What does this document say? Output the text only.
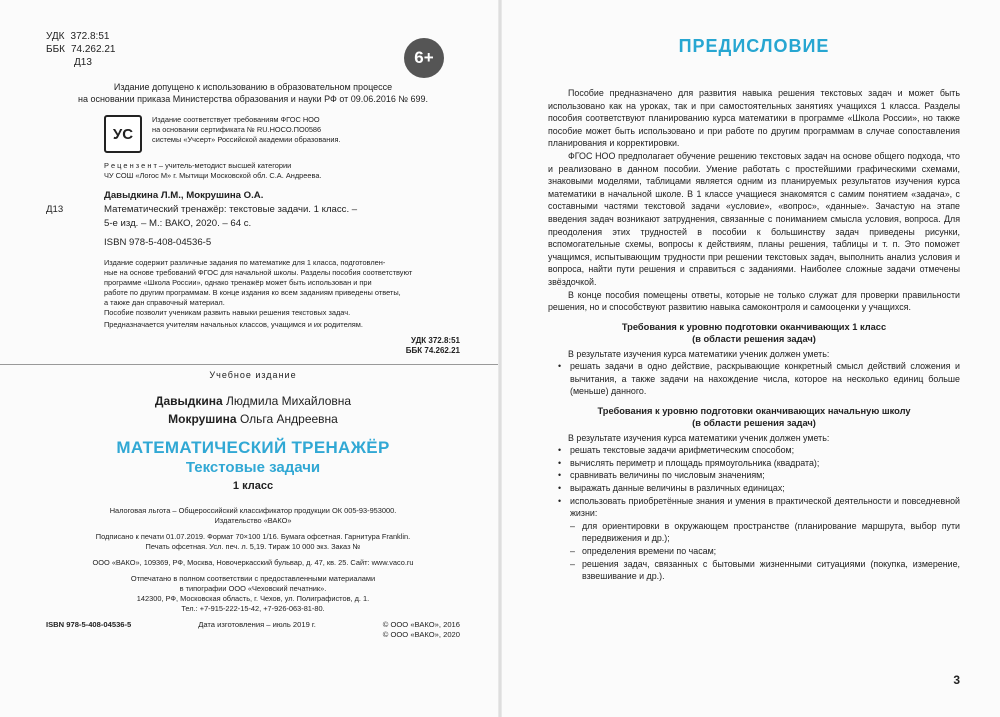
УДК 372.8:51
ББК 74.262.21
Д13	6+
Издание допущено к использованию в образовательном процессе
на основании приказа Министерства образования и науки РФ от 09.06.2016 № 699.
УС
Издание соответствует требованиям ФГОС НОО
на основании сертификата № RU.НОСО.ПО0586
системы «Учсерт» Российской академии образования.
Р е ц е н з е н т – учитель-методист высшей категории
ЧУ СОШ «Логос М» г. Мытищи Московской обл. С.А. Андреева.
Д13
Давыдкина Л.М., Мокрушина О.А.
Математический тренажёр: текстовые задачи. 1 класс. –
5-е изд. – М.: ВАКО, 2020. – 64 с.
ISBN 978-5-408-04536-5
Издание содержит различные задания по математике для 1 класса, подготовлен-
ные на основе требований ФГОС для начальной школы. Разделы пособия соответствуют
программе «Школа России», однако тренажёр может быть использован и при
работе по другим программам. В конце издания ко всем заданиям приведены ответы,
а также дан справочный материал.
Пособие позволит ученикам развить навыки решения текстовых задач.
Предназначается учителям начальных классов, учащимся и их родителям.
УДК 372.8:51
ББК 74.262.21
Учебное издание
Давыдкина Людмила Михайловна
Мокрушина Ольга Андреевна
МАТЕМАТИЧЕСКИЙ ТРЕНАЖЁР
Текстовые задачи
1 класс

Налоговая льгота – Общероссийский классификатор продукции ОК 005-93-953000.
Издательство «ВАКО»

Подписано к печати 01.07.2019. Формат 70×100 1/16. Бумага офсетная. Гарнитура Franklin.
Печать офсетная. Усл. печ. л. 5,19. Тираж 10 000 экз. Заказ №

ООО «ВАКО», 109369, РФ, Москва, Новочеркасский бульвар, д. 47, кв. 25. Сайт: www.vaco.ru

Отпечатано в полном соответствии с предоставленными материалами
в типографии ООО «Чеховский печатник».
142300, РФ, Московская область, г. Чехов, ул. Полиграфистов, д. 1.
Тел.: +7-915-222-15-42, +7-926-063-81-80.

ISBN 978-5-408-04536-5	Дата изготовления – июль 2019 г.	© ООО «ВАКО», 2016
© ООО «ВАКО», 2020
ПРЕДИСЛОВИЕ

Пособие предназначено для развития навыка решения текстовых задач и может быть использовано как на уроках, так и при самостоятельных занятиях учащихся 1 класса. Разделы пособия соответствуют планированию курса математики в программе «Школа России», но также пособие может быть использовано и при работе по другим программам в случае сопоставления планирования и корректировки.

ФГОС НОО предполагает обучение решению текстовых задач на основе общего подхода, что и реализовано в данном пособии. Умение работать с простейшими графическими схемами, знаковыми моделями, таблицами является одним из планируемых результатов изучения курса математики в начальной школе. В 1 классе учащиеся знакомятся с самим понятием «задача», с составными частями текстовой задачи «условие», «вопрос», «данные». Зачастую на этапе введения задач возникают затруднения, связанные с пониманием смысла условия, вопроса. Для преодоления этих трудностей в пособии к большинству задач приведены рисунки, вспомогательные схемы, вопросы к действиям, планы решения, таблицы и т. п. Это поможет учащимся, испытывающим трудности при решении текстовых задач, выполнить анализ условия и вопроса, найти пути решения и справиться с заданиями. Наиболее сложные задачи отмечены звёздочкой.

В конце пособия помещены ответы, которые не только служат для проверки правильности решения, но и способствуют развитию навыка самоконтроля и самооценки у учащихся.

Требования к уровню подготовки оканчивающих 1 класс
(в области решения задач)
В результате изучения курса математики ученик должен уметь:
• решать задачи в одно действие, раскрывающие конкретный смысл действий сложения и вычитания, а также задачи на нахождение числа, которое на несколько единиц больше (меньше) данного.
Требования к уровню подготовки оканчивающих начальную школу
(в области решения задач)
В результате изучения курса математики ученик должен уметь:
• решать текстовые задачи арифметическим способом;
• вычислять периметр и площадь прямоугольника (квадрата);
• сравнивать величины по числовым значениям;
• выражать данные величины в различных единицах;
• использовать приобретённые знания и умения в практической деятельности и повседневной жизни:
– для ориентировки в окружающем пространстве (планирование маршрута, выбор пути передвижения и др.);
– определения времени по часам;
– решения задач, связанных с бытовыми жизненными ситуациями (покупка, измерение, взвешивание и др.).
3
